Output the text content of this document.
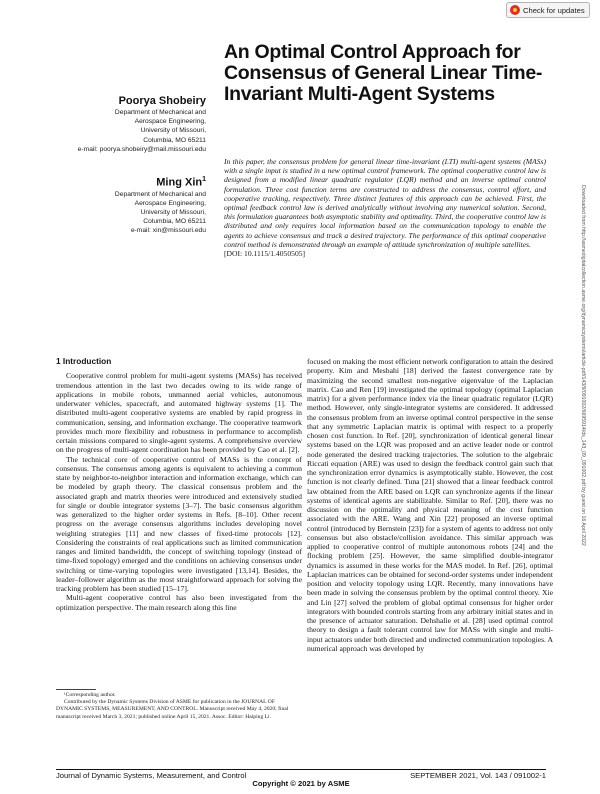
Check for updates
An Optimal Control Approach for Consensus of General Linear Time-Invariant Multi-Agent Systems
Poorya Shobeiry
Department of Mechanical and
Aerospace Engineering,
University of Missouri,
Columbia, MO 65211
e-mail: poorya.shobeiry@mail.missouri.edu
Ming Xin$^1$
Department of Mechanical and
Aerospace Engineering,
University of Missouri,
Columbia, MO 65211
e-mail: xin@missouri.edu
In this paper, the consensus problem for general linear time-invariant (LTI) multi-agent systems (MASs) with a single input is studied in a new optimal control framework. The optimal cooperative control law is designed from a modified linear quadratic regulator (LQR) method and an inverse optimal control formulation. Three cost function terms are constructed to address the consensus, control effort, and cooperative tracking, respectively. Three distinct features of this approach can be achieved. First, the optimal feedback control law is derived analytically without involving any numerical solution. Second, this formulation guarantees both asymptotic stability and optimality. Third, the cooperative control law is distributed and only requires local information based on the communication topology to enable the agents to achieve consensus and track a desired trajectory. The performance of this optimal cooperative control method is demonstrated through an example of attitude synchronization of multiple satellites.
[DOI: 10.1115/1.4050505]
1 Introduction

Cooperative control problem for multi-agent systems (MASs) has received tremendous attention in the last two decades owing to its wide range of applications in mobile robots, unmanned aerial vehicles, autonomous underwater vehicles, spacecraft, and automated highway systems [1]. The distributed multi-agent cooperative systems are enabled by rapid progress in communication, sensing, and information exchange. The cooperative teamwork provides much more flexibility and robustness in performance to accomplish certain missions compared to single-agent systems. A comprehensive overview on the progress of multi-agent coordination has been provided by Cao et al. [2].

The technical core of cooperative control of MASs is the concept of consensus. The consensus among agents is equivalent to achieving a common state by neighbor-to-neighbor interaction and information exchange, which can be modeled by graph theory. The classical consensus problem and the associated graph and matrix theories were introduced and extensively studied for single or double integrator systems [3–7]. The basic consensus algorithm was generalized to the higher order systems in Refs. [8–10]. Other recent progress on the average consensus algorithms includes developing novel weighting strategies [11] and new classes of fixed-time protocols [12]. Considering the constraints of real applications such as limited communication ranges and limited bandwidth, the concept of switching topology (instead of time-fixed topology) emerged and the conditions on achieving consensus under switching or time-varying topologies were investigated [13,14]. Besides, the leader–follower algorithm as the most straightforward approach for solving the tracking problem has been studied [15–17].

Multi-agent cooperative control has also been investigated from the optimization perspective. The main research along this line

focused on making the most efficient network configuration to attain the desired property. Kim and Mesbahi [18] derived the fastest convergence rate by maximizing the second smallest non-negative eigenvalue of the Laplacian matrix. Cao and Ren [19] investigated the optimal topology (optimal Laplacian matrix) for a given performance index via the linear quadratic regulator (LQR) method. However, only single-integrator systems are considered. It addressed the consensus problem from an inverse optimal control perspective in the sense that any symmetric Laplacian matrix is optimal with respect to a properly chosen cost function. In Ref. [20], synchronization of identical general linear systems based on the LQR was proposed and an active leader node or control node generated the desired tracking trajectories. The solution to the algebraic Riccati equation (ARE) was used to design the feedback control gain such that the synchronization error dynamics is asymptotically stable. However, the cost function is not clearly defined. Tuna [21] showed that a linear feedback control law obtained from the ARE based on LQR can synchronize agents if the linear systems of identical agents are stabilizable. Similar to Ref. [20], there was no discussion on the optimality and physical meaning of the cost function associated with the ARE. Wang and Xin [22] proposed an inverse optimal control (introduced by Bernstein [23]) for a system of agents to address not only consensus but also obstacle/collision avoidance. This similar approach was applied to cooperative control of multiple autonomous robots [24] and the flocking problem [25]. However, the same simplified double-integrator dynamics is assumed in these works for the MAS model. In Ref. [26], optimal Laplacian matrices can be obtained for second-order systems under independent position and velocity topology using LQR. Recently, many innovations have been made in solving the consensus problem by the optimal control theory. Xie and Lin [27] solved the problem of global optimal consensus for higher order integrators with bounded controls starting from any arbitrary initial states and in the presence of actuator saturation. Dehshalie et al. [28] used optimal control theory to design a fault tolerant control law for MASs with single and multi-input actuators under both directed and undirected communication topologies. A numerical approach was developed by

¹Corresponding author.

Contributed by the Dynamic Systems Division of ASME for publication in the JOURNAL OF DYNAMIC SYSTEMS, MEASUREMENT, AND CONTROL. Manuscript received May 4, 2020; final manuscript received March 3, 2021; published online April 15, 2021. Assoc. Editor: Haiping Li.

Journal of Dynamic Systems, Measurement, and Control	SEPTEMBER 2021, Vol. 143 / 091002-1
Copyright © 2021 by ASME
Downloaded from http://asmedigitalcollection.asme.org/dynamicsystems/article-pdf/143/9/091002/6695914/ds_143_09_091002.pdf by guest on 16 April 2022
